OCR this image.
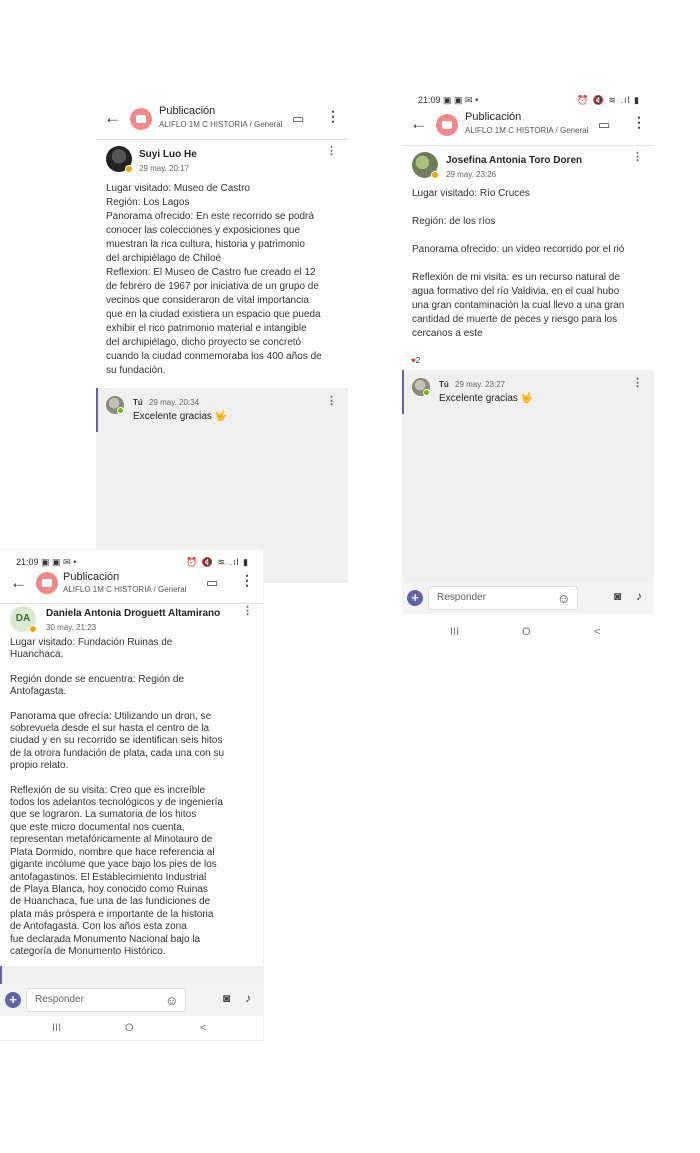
←	Publicación
ALIFLO 1M C HISTORIA / General ▭ ⋮
Suyi Luo He
29 may. 20:17
⋮

Lugar visitado: Museo de Castro

Región: Los Lagos

Panorama ofrecido: En este recorrido se podrá

conocer las colecciones y exposiciones que

muestran la rica cultura, historia y patrimonio

del archipiélago de Chiloé

Reflexion: El Museo de Castro fue creado el 12

de febrero de 1967 por iniciativa de un grupo de

vecinos que consideraron de vital importancia

que en la ciudad existiera un espacio que pueda

exhibir el rico patrimonio material e intangible

del archipiélago, dicho proyecto se concretó

cuando la ciudad conmemoraba los 400 años de

su fundación.

Tú 29 may. 20:34
Excelente gracias 🤟
⋮
21:09 ▣ ▣ ✉ •	⏰ 🔇 ≋ .ıl ▮
←	Publicación
ALIFLO 1M C HISTORIA / General ▭ ⋮
Josefina Antonia Toro Doren
29 may. 23:26
⋮

Lugar visitado: Río Cruces

Región: de los ríos

Panorama ofrecido: un vídeo recorrido por el rió

Reflexión de mi visita: es un recurso natural de

agua formativo del río Valdivia, en el cual hubo

una gran contaminación la cual llevo a una gran

cantidad de muerte de peces y riesgo para los

cercanos a este

♥2
Tú 29 may. 23:27
Excelente gracias 🤟
⋮
+	Responder	☺	◙ ♪
III	O	<
21:09 ▣ ▣ ✉ •	⏰ 🔇 ≋ .ıl ▮
←	Publicación
ALIFLO 1M C HISTORIA / General ▭ ⋮
DA	Daniela Antonia Droguett Altamirano
30 may. 21:23
⋮

Lugar visitado: Fundación Ruinas de

Huanchaca.

Región donde se encuentra: Región de

Antofagasta.

Panorama que ofrecía: Utilizando un dron, se

sobrevuela desde el sur hasta el centro de la

ciudad y en su recorrido se identifican seis hitos

de la otrora fundación de plata, cada una con su

propio relato.

Reflexión de su visita: Creo que es increíble

todos los adelantos tecnológicos y de ingeniería

que se lograron. La sumatoria de los hitos

que este micro documental nos cuenta,

representan metafóricamente al Minotauro de

Plata Dormido, nombre que hace referencia al

gigante incólume que yace bajo los pies de los

antofagastinos. El Establecimiento Industrial

de Playa Blanca, hoy conocido como Ruinas

de Huanchaca, fue una de las fundiciones de

plata más próspera e importante de la historia

de Antofagasta. Con los años esta zona

fue declarada Monumento Nacional bajo la

categoría de Monumento Histórico.

+	Responder	☺	◙ ♪
III	O	<
